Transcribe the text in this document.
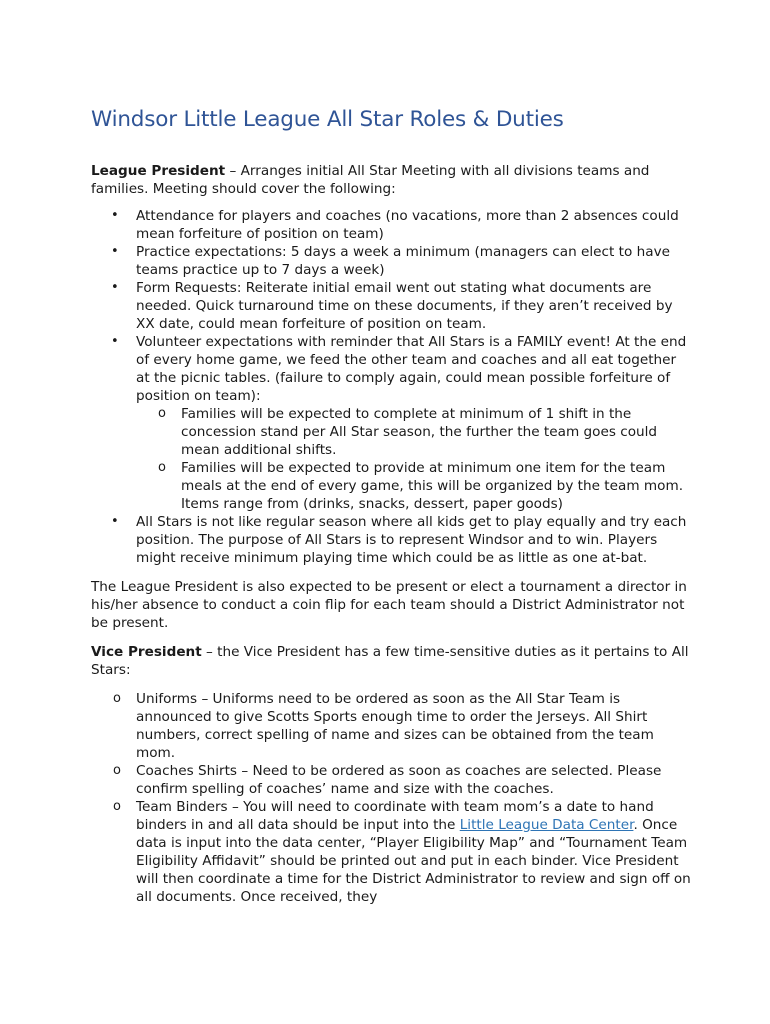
Windsor Little League All Star Roles & Duties

League President – Arranges initial All Star Meeting with all divisions teams and families. Meeting should cover the following:

• Attendance for players and coaches (no vacations, more than 2 absences could mean forfeiture of position on team)
• Practice expectations: 5 days a week a minimum (managers can elect to have teams practice up to 7 days a week)
• Form Requests: Reiterate initial email went out stating what documents are needed. Quick turnaround time on these documents, if they aren’t received by XX date, could mean forfeiture of position on team.
• Volunteer expectations with reminder that All Stars is a FAMILY event! At the end of every home game, we feed the other team and coaches and all eat together at the picnic tables. (failure to comply again, could mean possible forfeiture of position on team):
o Families will be expected to complete at minimum of 1 shift in the concession stand per All Star season, the further the team goes could mean additional shifts.
o Families will be expected to provide at minimum one item for the team meals at the end of every game, this will be organized by the team mom. Items range from (drinks, snacks, dessert, paper goods)
• All Stars is not like regular season where all kids get to play equally and try each position. The purpose of All Stars is to represent Windsor and to win. Players might receive minimum playing time which could be as little as one at-bat.

The League President is also expected to be present or elect a tournament a director in his/her absence to conduct a coin flip for each team should a District Administrator not be present.

Vice President – the Vice President has a few time-sensitive duties as it pertains to All Stars:

o Uniforms – Uniforms need to be ordered as soon as the All Star Team is announced to give Scotts Sports enough time to order the Jerseys. All Shirt numbers, correct spelling of name and sizes can be obtained from the team mom.
o Coaches Shirts – Need to be ordered as soon as coaches are selected. Please confirm spelling of coaches’ name and size with the coaches.
o Team Binders – You will need to coordinate with team mom’s a date to hand binders in and all data should be input into the Little League Data Center. Once data is input into the data center, “Player Eligibility Map” and “Tournament Team Eligibility Affidavit” should be printed out and put in each binder. Vice President will then coordinate a time for the District Administrator to review and sign off on all documents. Once received, they
